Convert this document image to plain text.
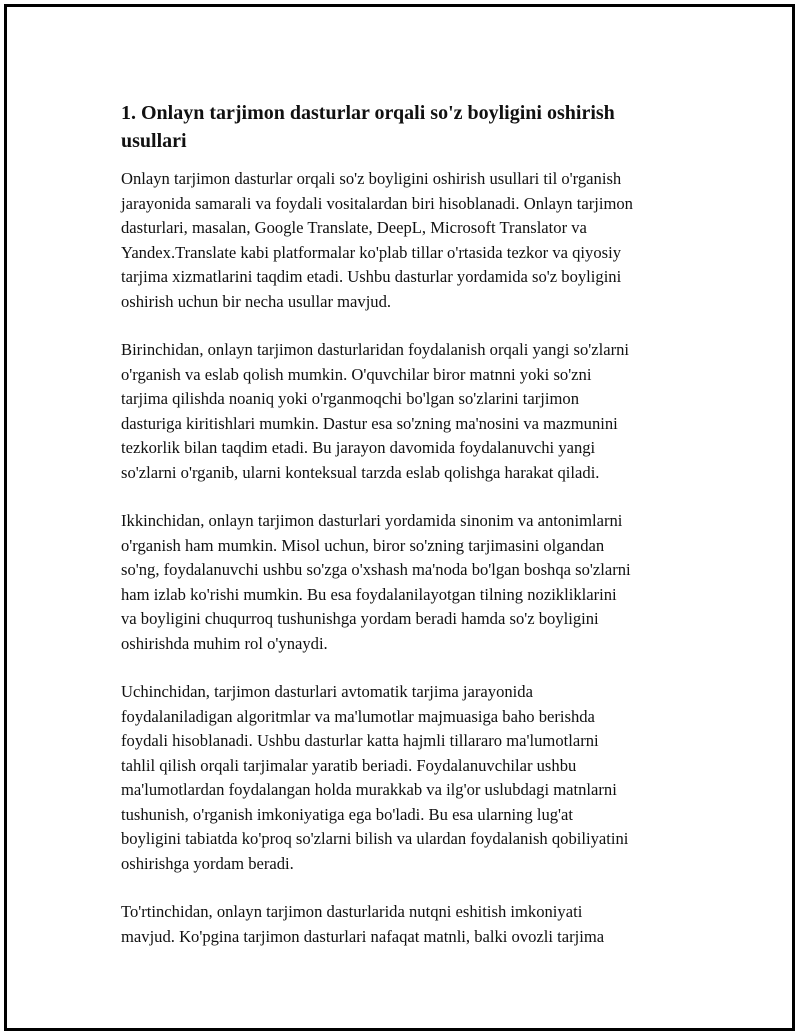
1. Onlayn tarjimon dasturlar orqali so'z boyligini oshirish
usullari

Onlayn tarjimon dasturlar orqali so'z boyligini oshirish usullari til o'rganish
jarayonida samarali va foydali vositalardan biri hisoblanadi. Onlayn tarjimon
dasturlari, masalan, Google Translate, DeepL, Microsoft Translator va
Yandex.Translate kabi platformalar ko'plab tillar o'rtasida tezkor va qiyosiy
tarjima xizmatlarini taqdim etadi. Ushbu dasturlar yordamida so'z boyligini
oshirish uchun bir necha usullar mavjud.

Birinchidan, onlayn tarjimon dasturlaridan foydalanish orqali yangi so'zlarni
o'rganish va eslab qolish mumkin. O'quvchilar biror matnni yoki so'zni
tarjima qilishda noaniq yoki o'rganmoqchi bo'lgan so'zlarini tarjimon
dasturiga kiritishlari mumkin. Dastur esa so'zning ma'nosini va mazmunini
tezkorlik bilan taqdim etadi. Bu jarayon davomida foydalanuvchi yangi
so'zlarni o'rganib, ularni konteksual tarzda eslab qolishga harakat qiladi.

Ikkinchidan, onlayn tarjimon dasturlari yordamida sinonim va antonimlarni
o'rganish ham mumkin. Misol uchun, biror so'zning tarjimasini olgandan
so'ng, foydalanuvchi ushbu so'zga o'xshash ma'noda bo'lgan boshqa so'zlarni
ham izlab ko'rishi mumkin. Bu esa foydalanilayotgan tilning nozikliklarini
va boyligini chuqurroq tushunishga yordam beradi hamda so'z boyligini
oshirishda muhim rol o'ynaydi.

Uchinchidan, tarjimon dasturlari avtomatik tarjima jarayonida
foydalaniladigan algoritmlar va ma'lumotlar majmuasiga baho berishda
foydali hisoblanadi. Ushbu dasturlar katta hajmli tillararo ma'lumotlarni
tahlil qilish orqali tarjimalar yaratib beriadi. Foydalanuvchilar ushbu
ma'lumotlardan foydalangan holda murakkab va ilg'or uslubdagi matnlarni
tushunish, o'rganish imkoniyatiga ega bo'ladi. Bu esa ularning lug'at
boyligini tabiatda ko'proq so'zlarni bilish va ulardan foydalanish qobiliyatini
oshirishga yordam beradi.

To'rtinchidan, onlayn tarjimon dasturlarida nutqni eshitish imkoniyati
mavjud. Ko'pgina tarjimon dasturlari nafaqat matnli, balki ovozli tarjima
